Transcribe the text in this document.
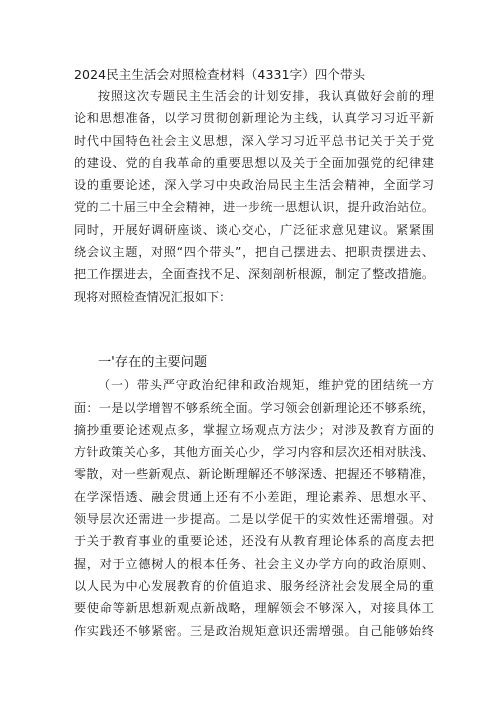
2024民主生活会对照检查材料（4331字）四个带头
按照这次专题民主生活会的计划安排，我认真做好会前的理
论和思想准备，以学习贯彻创新理论为主线，认真学习习近平新
时代中国特色社会主义思想，深入学习习近平总书记关于关于党
的建设、党的自我革命的重要思想以及关于全面加强党的纪律建
设的重要论述，深入学习中央政治局民主生活会精神，全面学习
党的二十届三中全会精神，进一步统一思想认识，提升政治站位。
同时，开展好调研座谈、谈心交心，广泛征求意见建议。紧紧围
绕会议主题，对照“四个带头”，把自己摆进去、把职责摆进去、
把工作摆进去，全面查找不足、深刻剖析根源，制定了整改措施。
现将对照检查情况汇报如下：
一'存在的主要问题
（一）带头严守政治纪律和政治规矩，维护党的团结统一方
面：一是以学增智不够系统全面。学习领会创新理论还不够系统，
摘抄重要论述观点多，掌握立场观点方法少；对涉及教育方面的
方针政策关心多，其他方面关心少，学习内容和层次还相对肤浅、
零散，对一些新观点、新论断理解还不够深透、把握还不够精准，
在学深悟透、融会贯通上还有不小差距，理论素养、思想水平、
领导层次还需进一步提高。二是以学促干的实效性还需增强。对
于关于教育事业的重要论述，还没有从教育理论体系的高度去把
握，对于立德树人的根本任务、社会主义办学方向的政治原则、
以人民为中心发展教育的价值追求、服务经济社会发展全局的重
要使命等新思想新观点新战略，理解领会不够深入，对接具体工
作实践还不够紧密。三是政治规矩意识还需增强。自己能够始终
